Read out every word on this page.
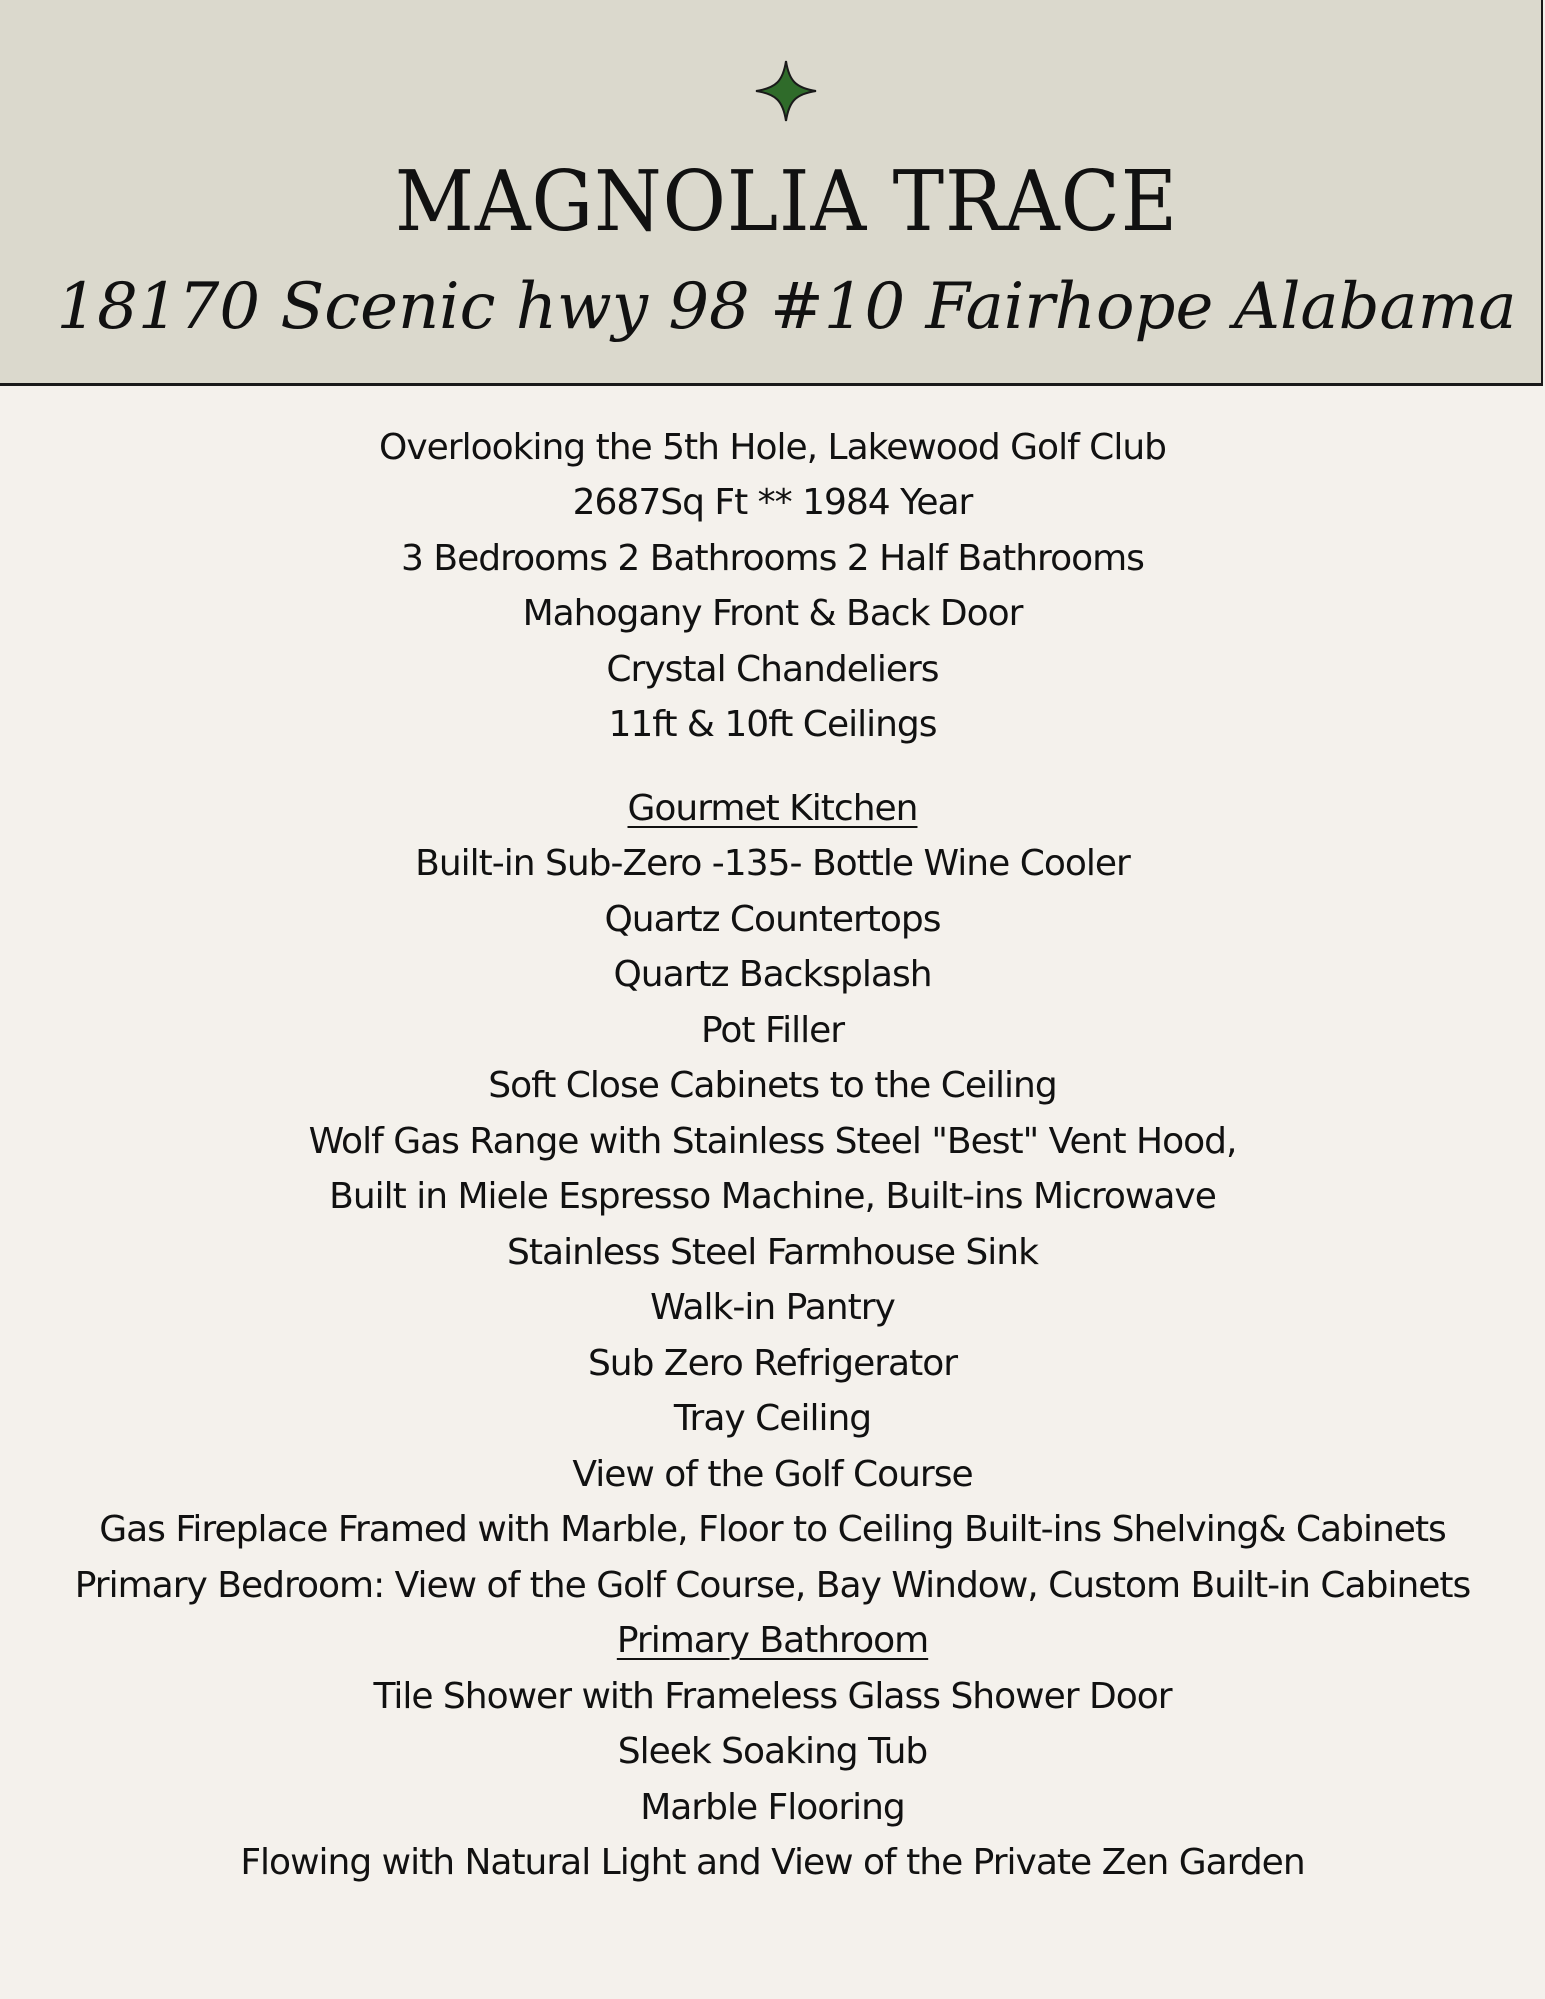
MAGNOLIA TRACE
18170 Scenic hwy 98 #10 Fairhope Alabama
Overlooking the 5th Hole, Lakewood Golf Club
2687Sq Ft ** 1984 Year
3 Bedrooms 2 Bathrooms 2 Half Bathrooms
Mahogany Front & Back Door
Crystal Chandeliers
11ft & 10ft Ceilings
Gourmet Kitchen
Built-in Sub-Zero -135- Bottle Wine Cooler
Quartz Countertops
Quartz Backsplash
Pot Filler
Soft Close Cabinets to the Ceiling
Wolf Gas Range with Stainless Steel "Best" Vent Hood,
Built in Miele Espresso Machine, Built-ins Microwave
Stainless Steel Farmhouse Sink
Walk-in Pantry
Sub Zero Refrigerator
Tray Ceiling
View of the Golf Course
Gas Fireplace Framed with Marble, Floor to Ceiling Built-ins Shelving& Cabinets
Primary Bedroom: View of the Golf Course, Bay Window, Custom Built-in Cabinets
Primary Bathroom
Tile Shower with Frameless Glass Shower Door
Sleek Soaking Tub
Marble Flooring
Flowing with Natural Light and View of the Private Zen Garden
